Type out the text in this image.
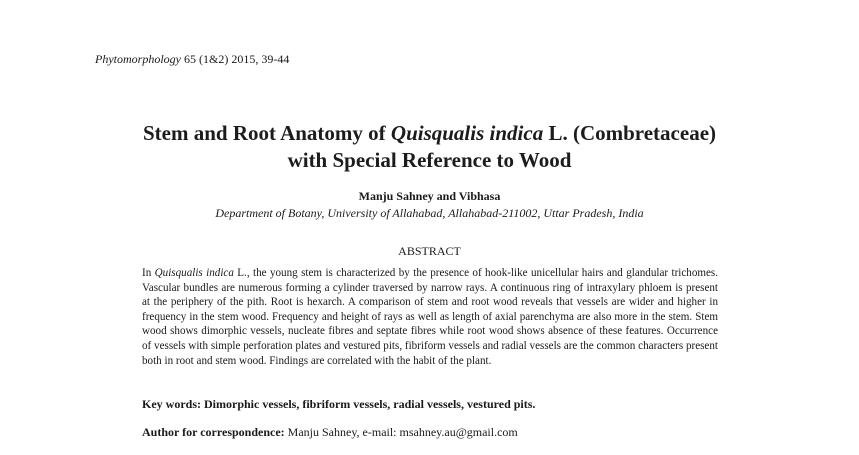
Phytomorphology 65 (1&2) 2015, 39-44
Stem and Root Anatomy of Quisqualis indica L. (Combretaceae)
with Special Reference to Wood
Manju Sahney and Vibhasa
Department of Botany, University of Allahabad, Allahabad-211002, Uttar Pradesh, India
ABSTRACT
In Quisqualis indica L., the young stem is characterized by the presence of hook-like unicellular hairs and glandular trichomes. Vascular bundles are numerous forming a cylinder traversed by narrow rays. A continuous ring of intraxylary phloem is present at the periphery of the pith. Root is hexarch. A comparison of stem and root wood reveals that vessels are wider and higher in frequency in the stem wood. Frequency and height of rays as well as length of axial parenchyma are also more in the stem. Stem wood shows dimorphic vessels, nucleate fibres and septate fibres while root wood shows absence of these features. Occurrence of vessels with simple perforation plates and vestured pits, fibriform vessels and radial vessels are the common characters present both in root and stem wood. Findings are correlated with the habit of the plant.
Key words: Dimorphic vessels, fibriform vessels, radial vessels, vestured pits.
Author for correspondence: Manju Sahney, e-mail: msahney.au@gmail.com
